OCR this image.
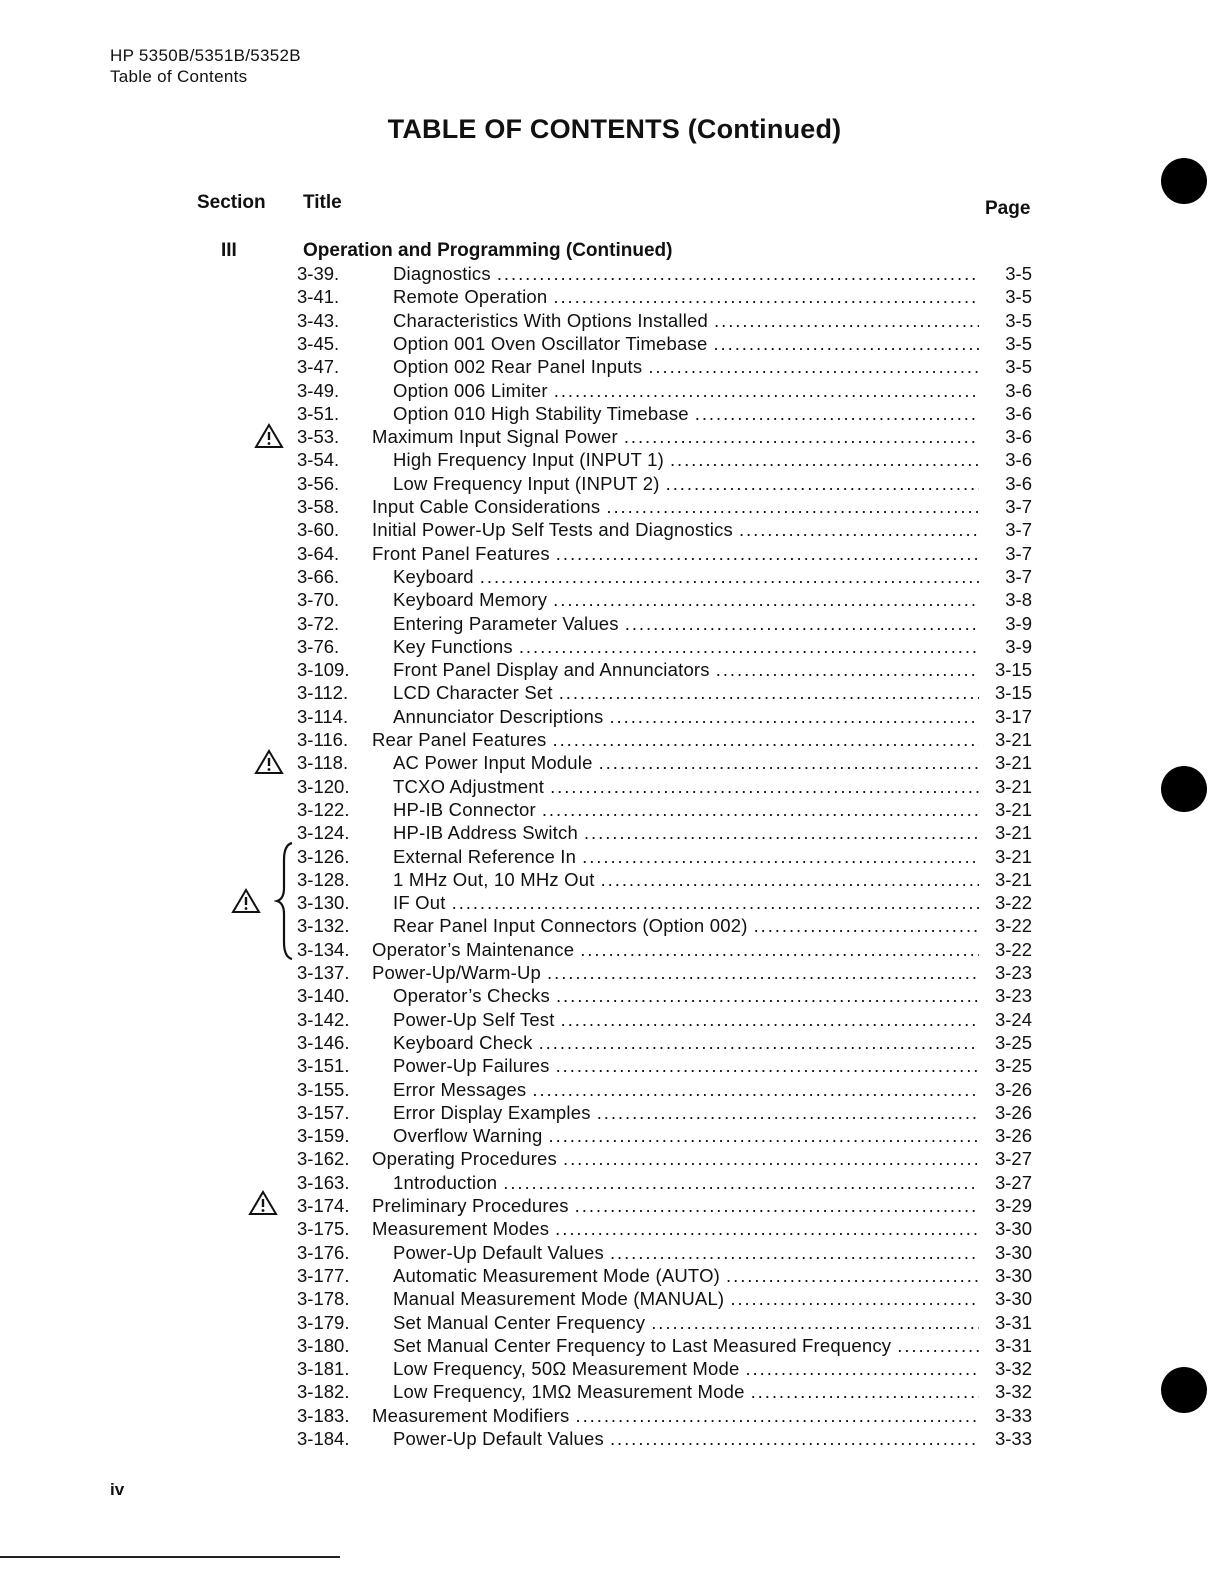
HP 5350B/5351B/5352B
Table of Contents
TABLE OF CONTENTS (Continued)
Section Title	Page
III	Operation and Programming (Continued)
3-39.	Diagnostics . . .	3-5
3-41.	Remote Operation . . .	3-5
3-43.	Characteristics With Options Installed . . .	3-5
3-45.	Option 001 Oven Oscillator Timebase . . .	3-5
3-47.	Option 002 Rear Panel Inputs . . .	3-5
3-49.	Option 006 Limiter . . .	3-6
3-51.	Option 010 High Stability Timebase . . .	3-6
3-53.	Maximum Input Signal Power . . .	3-6
3-54.	High Frequency Input (INPUT 1) . . .	3-6
3-56.	Low Frequency Input (INPUT 2) . . .	3-6
3-58.	Input Cable Considerations . . .	3-7
3-60.	Initial Power-Up Self Tests and Diagnostics . . .	3-7
3-64.	Front Panel Features . . .	3-7
3-66.	Keyboard . . .	3-7
3-70.	Keyboard Memory . . .	3-8
3-72.	Entering Parameter Values . . .	3-9
3-76.	Key Functions . . .	3-9
3-109.	Front Panel Display and Annunciators . . .	3-15
3-112.	LCD Character Set . . .	3-15
3-114.	Annunciator Descriptions . . .	3-17
3-116.	Rear Panel Features . . .	3-21
3-118.	AC Power Input Module . . .	3-21
3-120.	TCXO Adjustment . . .	3-21
3-122.	HP-IB Connector . . .	3-21
3-124.	HP-IB Address Switch . . .	3-21
3-126.	External Reference In . . .	3-21
3-128.	1 MHz Out, 10 MHz Out . . .	3-21
3-130.	IF Out . . .	3-22
3-132.	Rear Panel Input Connectors (Option 002) . . .	3-22
3-134.	Operator’s Maintenance . . .	3-22
3-137.	Power-Up/Warm-Up . . .	3-23
3-140.	Operator’s Checks . . .	3-23
3-142.	Power-Up Self Test . . .	3-24
3-146.	Keyboard Check . . .	3-25
3-151.	Power-Up Failures . . .	3-25
3-155.	Error Messages . . .	3-26
3-157.	Error Display Examples . . .	3-26
3-159.	Overflow Warning . . .	3-26
3-162.	Operating Procedures . . .	3-27
3-163.	1ntroduction . . .	3-27
3-174.	Preliminary Procedures . . .	3-29
3-175.	Measurement Modes . . .	3-30
3-176.	Power-Up Default Values . . .	3-30
3-177.	Automatic Measurement Mode (AUTO) . . .	3-30
3-178.	Manual Measurement Mode (MANUAL) . . .	3-30
3-179.	Set Manual Center Frequency . . .	3-31
3-180.	Set Manual Center Frequency to Last Measured Frequency . . .	3-31
3-181.	Low Frequency, 50Ω Measurement Mode . . .	3-32
3-182.	Low Frequency, 1MΩ Measurement Mode . . .	3-32
3-183.	Measurement Modifiers . . .	3-33
3-184.	Power-Up Default Values . . .	3-33
iv
